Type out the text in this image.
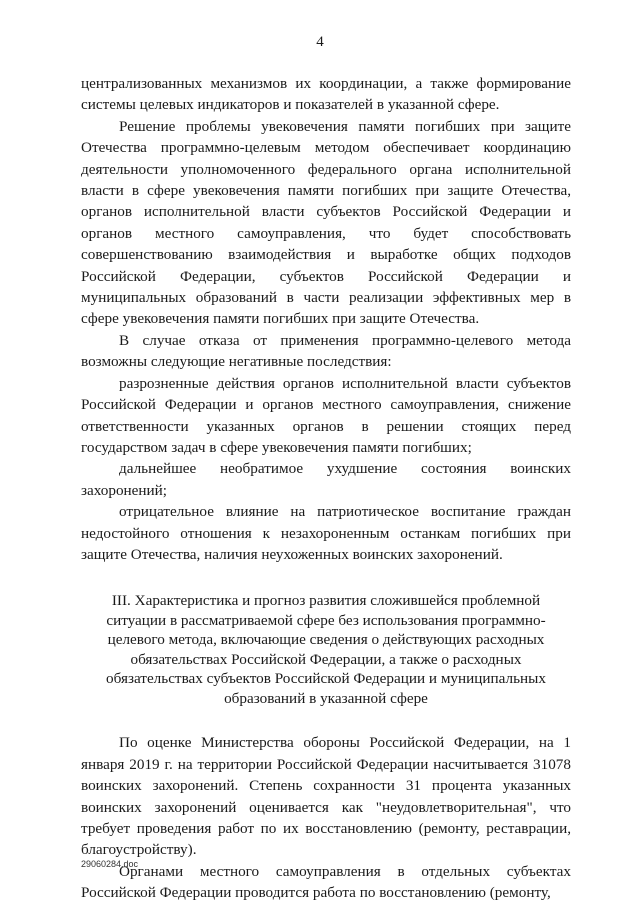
4

централизованных механизмов их координации, а также формирование системы целевых индикаторов и показателей в указанной сфере.

Решение проблемы увековечения памяти погибших при защите Отечества программно-целевым методом обеспечивает координацию деятельности уполномоченного федерального органа исполнительной власти в сфере увековечения памяти погибших при защите Отечества, органов исполнительной власти субъектов Российской Федерации и органов местного самоуправления, что будет способствовать совершенствованию взаимодействия и выработке общих подходов Российской Федерации, субъектов Российской Федерации и муниципальных образований в части реализации эффективных мер в сфере увековечения памяти погибших при защите Отечества.

В случае отказа от применения программно-целевого метода возможны следующие негативные последствия:

разрозненные действия органов исполнительной власти субъектов Российской Федерации и органов местного самоуправления, снижение ответственности указанных органов в решении стоящих перед государством задач в сфере увековечения памяти погибших;

дальнейшее необратимое ухудшение состояния воинских захоронений;

отрицательное влияние на патриотическое воспитание граждан недостойного отношения к незахороненным останкам погибших при защите Отечества, наличия неухоженных воинских захоронений.

III. Характеристика и прогноз развития сложившейся проблемной ситуации в рассматриваемой сфере без использования программно-целевого метода, включающие сведения о действующих расходных обязательствах Российской Федерации, а также о расходных обязательствах субъектов Российской Федерации и муниципальных образований в указанной сфере

По оценке Министерства обороны Российской Федерации, на 1 января 2019 г. на территории Российской Федерации насчитывается 31078 воинских захоронений. Степень сохранности 31 процента указанных воинских захоронений оценивается как "неудовлетворительная", что требует проведения работ по их восстановлению (ремонту, реставрации, благоустройству).

Органами местного самоуправления в отдельных субъектах Российской Федерации проводится работа по восстановлению (ремонту,

29060284.doc
